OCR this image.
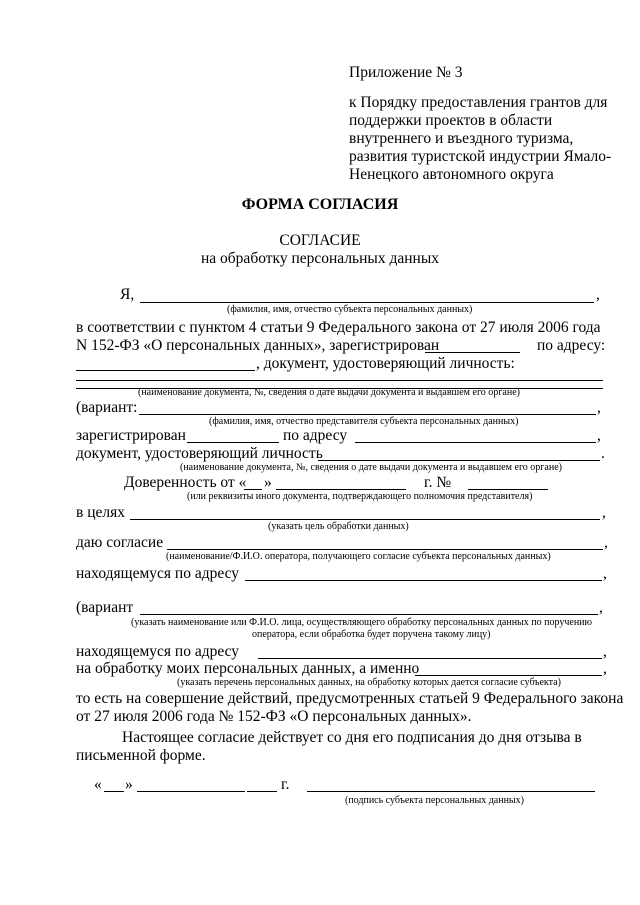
Приложение № 3
к Порядку предоставления грантов для
поддержки проектов в области
внутреннего и въездного туризма,
развития туристской индустрии Ямало-
Ненецкого автономного округа
ФОРМА СОГЛАСИЯ
СОГЛАСИЕ
на обработку персональных данных
Я,	,
(фамилия, имя, отчество субъекта персональных данных)
в соответствии с пунктом 4 статьи 9 Федерального закона от 27 июля 2006 года
N 152-ФЗ «О персональных данных», зарегистрирован	по адресу:
, документ, удостоверяющий личность:
(наименование документа, №, сведения о дате выдачи документа и выдавшем его органе)
(вариант:	,
(фамилия, имя, отчество представителя субъекта персональных данных)
зарегистрирован	по адресу	,
документ, удостоверяющий личность	.
(наименование документа, №, сведения о дате выдачи документа и выдавшем его органе)
Доверенность от « »	г. №
(или реквизиты иного документа, подтверждающего полномочия представителя)
в целях	,
(указать цель обработки данных)
даю согласие	,
(наименование/Ф.И.О. оператора, получающего согласие субъекта персональных данных)
находящемуся по адресу	,
(вариант	,
(указать наименование или Ф.И.О. лица, осуществляющего обработку персональных данных по поручению
оператора, если обработка будет поручена такому лицу)
находящемуся по адресу	,
на обработку моих персональных данных, а именно	,
(указать перечень персональных данных, на обработку которых дается согласие субъекта)
то есть на совершение действий, предусмотренных статьей 9 Федерального закона
от 27 июля 2006 года № 152-ФЗ «О персональных данных».
Настоящее согласие действует со дня его подписания до дня отзыва в
письменной форме.
« »	г.
(подпись субъекта персональных данных)
